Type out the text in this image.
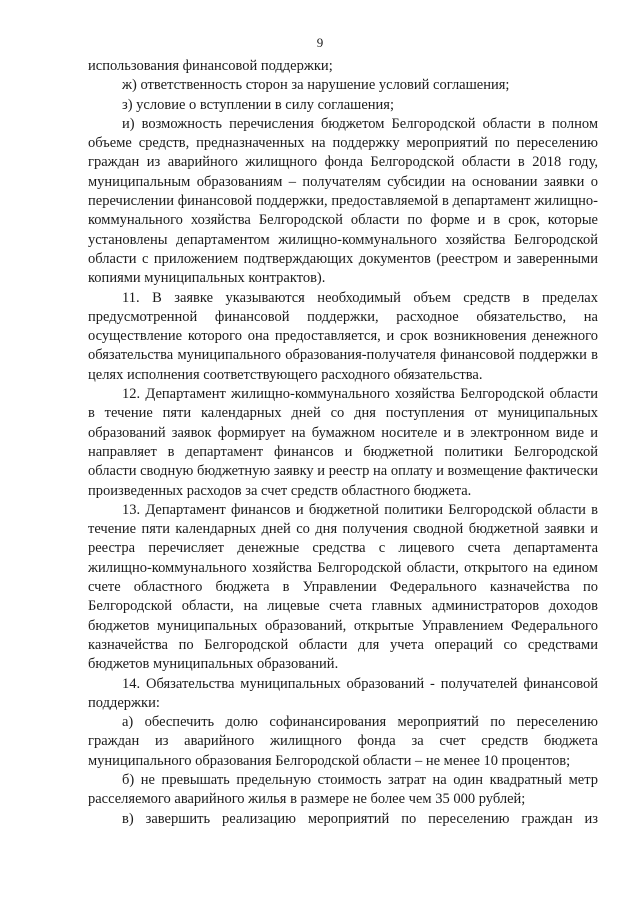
9

использования финансовой поддержки;

ж) ответственность сторон за нарушение условий соглашения;

з) условие о вступлении в силу соглашения;

и) возможность перечисления бюджетом Белгородской области в полном объеме средств, предназначенных на поддержку мероприятий по переселению граждан из аварийного жилищного фонда Белгородской области в 2018 году, муниципальным образованиям – получателям субсидии на основании заявки о перечислении финансовой поддержки, предоставляемой в департамент жилищно-коммунального хозяйства Белгородской области по форме и в срок, которые установлены департаментом жилищно-коммунального хозяйства Белгородской области с приложением подтверждающих документов (реестром и заверенными копиями муниципальных контрактов).

11. В заявке указываются необходимый объем средств в пределах предусмотренной финансовой поддержки, расходное обязательство, на осуществление которого она предоставляется, и срок возникновения денежного обязательства муниципального образования-получателя финансовой поддержки в целях исполнения соответствующего расходного обязательства.

12. Департамент жилищно-коммунального хозяйства Белгородской области в течение пяти календарных дней со дня поступления от муниципальных образований заявок формирует на бумажном носителе и в электронном виде и направляет в департамент финансов и бюджетной политики Белгородской области сводную бюджетную заявку и реестр на оплату и возмещение фактически произведенных расходов за счет средств областного бюджета.

13. Департамент финансов и бюджетной политики Белгородской области в течение пяти календарных дней со дня получения сводной бюджетной заявки и реестра перечисляет денежные средства с лицевого счета департамента жилищно-коммунального хозяйства Белгородской области, открытого на едином счете областного бюджета в Управлении Федерального казначейства по Белгородской области, на лицевые счета главных администраторов доходов бюджетов муниципальных образований, открытые Управлением Федерального казначейства по Белгородской области для учета операций со средствами бюджетов муниципальных образований.

14. Обязательства муниципальных образований - получателей финансовой поддержки:

а) обеспечить долю софинансирования мероприятий по переселению граждан из аварийного жилищного фонда за счет средств бюджета муниципального образования Белгородской области – не менее 10 процентов;

б) не превышать предельную стоимость затрат на один квадратный метр расселяемого аварийного жилья в размере не более чем 35 000 рублей;

в) завершить реализацию мероприятий по переселению граждан из
